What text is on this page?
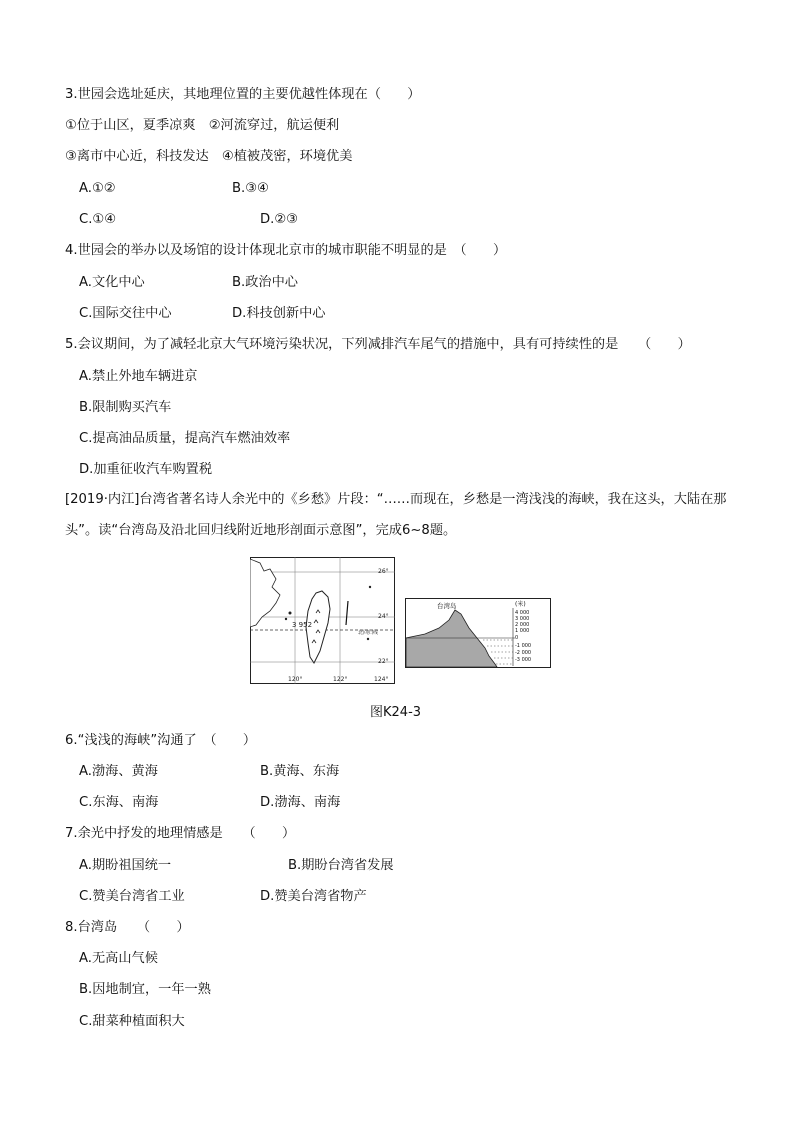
3.世园会选址延庆，其地理位置的主要优越性体现在（　　）
①位于山区，夏季凉爽　②河流穿过，航运便利
③离市中心近，科技发达　④植被茂密，环境优美
A.①②	B.③④
C.①④	D.②③
4.世园会的举办以及场馆的设计体现北京市的城市职能不明显的是　（　　）
A.文化中心	B.政治中心
C.国际交往中心	D.科技创新中心
5.会议期间，为了减轻北京大气环境污染状况，下列减排汽车尾气的措施中，具有可持续性的是　　（　　）
A.禁止外地车辆进京
B.限制购买汽车
C.提高油品质量，提高汽车燃油效率
D.加重征收汽车购置税
[2019·内江]台湾省著名诗人余光中的《乡愁》片段：“……而现在，乡愁是一湾浅浅的海峡，我在这头，大陆在那头”。读“台湾岛及沿北回归线附近地形剖面示意图”，完成6~8题。
26°
24°
22°
120°	122°	124°
3 952
北回归线
台湾岛	(米)
4 000
3 000
2 000
1 000
0
-1 000
-2 000
-3 000
图K24-3
6.“浅浅的海峡”沟通了　（　　）
A.渤海、黄海	B.黄海、东海
C.东海、南海	D.渤海、南海
7.余光中抒发的地理情感是　　（　　）
A.期盼祖国统一	B.期盼台湾省发展
C.赞美台湾省工业	D.赞美台湾省物产
8.台湾岛　　（　　）
A.无高山气候
B.因地制宜，一年一熟
C.甜菜种植面积大
